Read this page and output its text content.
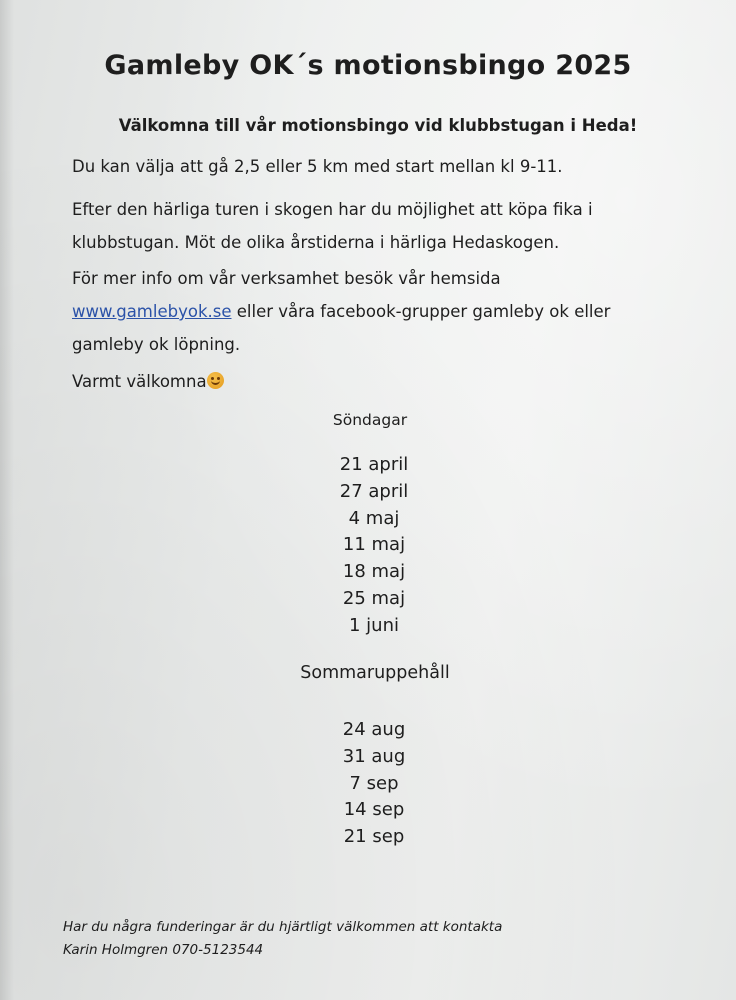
Gamleby OK´s motionsbingo 2025

Välkomna till vår motionsbingo vid klubbstugan i Heda!

Du kan välja att gå 2,5 eller 5 km med start mellan kl 9-11.

Efter den härliga turen i skogen har du möjlighet att köpa fika i klubbstugan. Möt de olika årstiderna i härliga Hedaskogen.

För mer info om vår verksamhet besök vår hemsida
www.gamlebyok.se eller våra facebook-grupper gamleby ok eller gamleby ok löpning.

Varmt välkomna

Söndagar

21 april
27 april
4 maj
11 maj
18 maj
25 maj
1 juni

Sommaruppehåll

24 aug
31 aug
7 sep
14 sep
21 sep

Har du några funderingar är du hjärtligt välkommen att kontakta
Karin Holmgren 070-5123544
